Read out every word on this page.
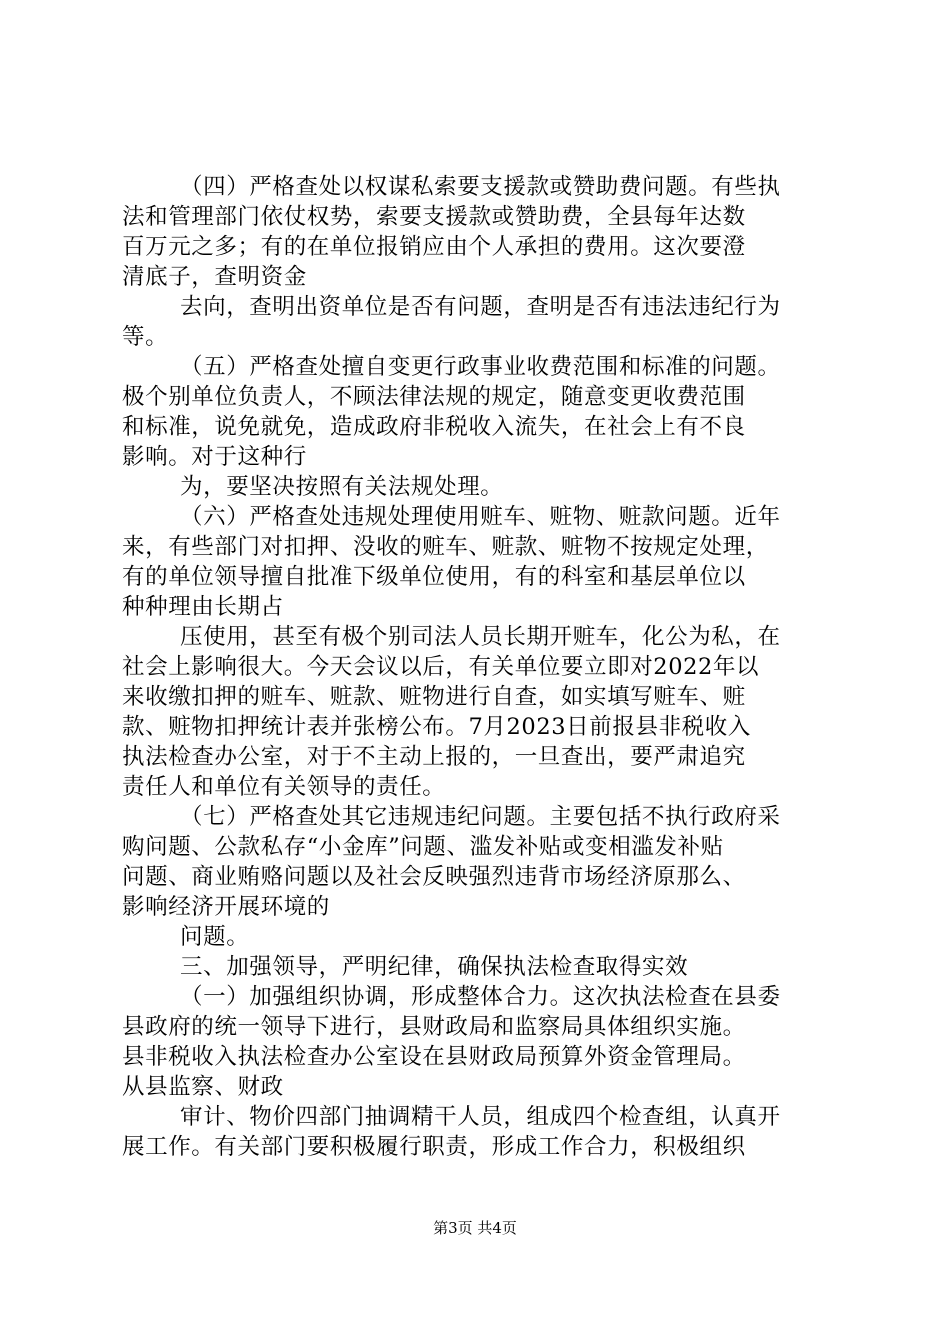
（四）严格查处以权谋私索要支援款或赞助费问题。有些执
法和管理部门依仗权势，索要支援款或赞助费，全县每年达数
百万元之多；有的在单位报销应由个人承担的费用。这次要澄
清底子，查明资金
去向，查明出资单位是否有问题，查明是否有违法违纪行为
等。
（五）严格查处擅自变更行政事业收费范围和标准的问题。
极个别单位负责人，不顾法律法规的规定，随意变更收费范围
和标准，说免就免，造成政府非税收入流失，在社会上有不良
影响。对于这种行
为，要坚决按照有关法规处理。
（六）严格查处违规处理使用赃车、赃物、赃款问题。近年
来，有些部门对扣押、没收的赃车、赃款、赃物不按规定处理，
有的单位领导擅自批准下级单位使用，有的科室和基层单位以
种种理由长期占
压使用，甚至有极个别司法人员长期开赃车，化公为私，在
社会上影响很大。今天会议以后，有关单位要立即对2022年以
来收缴扣押的赃车、赃款、赃物进行自查，如实填写赃车、赃
款、赃物扣押统计表并张榜公布。7月2023日前报县非税收入
执法检查办公室，对于不主动上报的，一旦查出，要严肃追究
责任人和单位有关领导的责任。
（七）严格查处其它违规违纪问题。主要包括不执行政府采
购问题、公款私存“小金库”问题、滥发补贴或变相滥发补贴
问题、商业贿赂问题以及社会反映强烈违背市场经济原那么、
影响经济开展环境的
问题。
三、加强领导，严明纪律，确保执法检查取得实效
（一）加强组织协调，形成整体合力。这次执法检查在县委
县政府的统一领导下进行，县财政局和监察局具体组织实施。
县非税收入执法检查办公室设在县财政局预算外资金管理局。
从县监察、财政
审计、物价四部门抽调精干人员，组成四个检查组，认真开
展工作。有关部门要积极履行职责，形成工作合力，积极组织
第3页 共4页
